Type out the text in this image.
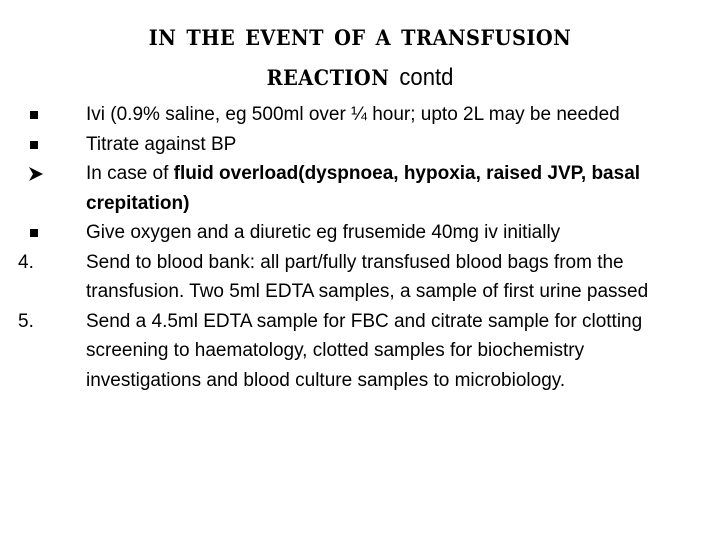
in the event of a transfusion
reaction contd
Ivi (0.9% saline, eg 500ml over ¼ hour; upto 2L may be needed
Titrate against BP
In case of fluid overload(dyspnoea, hypoxia, raised JVP, basal crepitation)
Give oxygen and a diuretic eg frusemide 40mg iv initially
4.	Send to blood bank: all part/fully transfused blood bags from the transfusion. Two 5ml EDTA samples, a sample of first urine passed
5.	Send a 4.5ml EDTA sample for FBC and citrate sample for clotting screening to haematology, clotted samples for biochemistry investigations and blood culture samples to microbiology.
